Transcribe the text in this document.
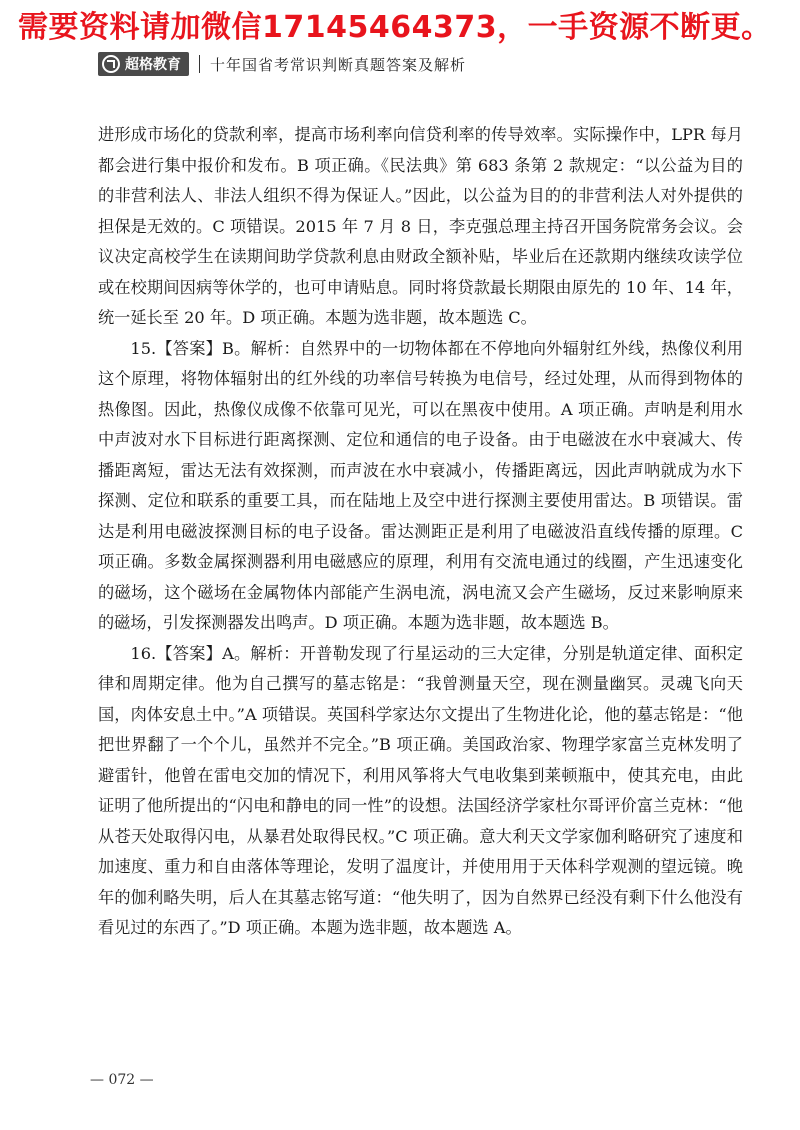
需要资料请加微信17145464373，一手资源不断更。
超格教育 十年国省考常识判断真题答案及解析

进形成市场化的贷款利率，提高市场利率向信贷利率的传导效率。实际操作中，LPR 每月都会进行集中报价和发布。B 项正确。《民法典》第 683 条第 2 款规定：“以公益为目的的非营利法人、非法人组织不得为保证人。”因此，以公益为目的的非营利法人对外提供的担保是无效的。C 项错误。2015 年 7 月 8 日，李克强总理主持召开国务院常务会议。会议决定高校学生在读期间助学贷款利息由财政全额补贴，毕业后在还款期内继续攻读学位或在校期间因病等休学的，也可申请贴息。同时将贷款最长期限由原先的 10 年、14 年，统一延长至 20 年。D 项正确。本题为选非题，故本题选 C。

15.【答案】B。解析：自然界中的一切物体都在不停地向外辐射红外线，热像仪利用这个原理，将物体辐射出的红外线的功率信号转换为电信号，经过处理，从而得到物体的热像图。因此，热像仪成像不依靠可见光，可以在黑夜中使用。A 项正确。声呐是利用水中声波对水下目标进行距离探测、定位和通信的电子设备。由于电磁波在水中衰减大、传播距离短，雷达无法有效探测，而声波在水中衰减小，传播距离远，因此声呐就成为水下探测、定位和联系的重要工具，而在陆地上及空中进行探测主要使用雷达。B 项错误。雷达是利用电磁波探测目标的电子设备。雷达测距正是利用了电磁波沿直线传播的原理。C 项正确。多数金属探测器利用电磁感应的原理，利用有交流电通过的线圈，产生迅速变化的磁场，这个磁场在金属物体内部能产生涡电流，涡电流又会产生磁场，反过来影响原来的磁场，引发探测器发出鸣声。D 项正确。本题为选非题，故本题选 B。

16.【答案】A。解析：开普勒发现了行星运动的三大定律，分别是轨道定律、面积定律和周期定律。他为自己撰写的墓志铭是：“我曾测量天空，现在测量幽冥。灵魂飞向天国，肉体安息土中。”A 项错误。英国科学家达尔文提出了生物进化论，他的墓志铭是：“他把世界翻了一个个儿，虽然并不完全。”B 项正确。美国政治家、物理学家富兰克林发明了避雷针，他曾在雷电交加的情况下，利用风筝将大气电收集到莱顿瓶中，使其充电，由此证明了他所提出的“闪电和静电的同一性”的设想。法国经济学家杜尔哥评价富兰克林：“他从苍天处取得闪电，从暴君处取得民权。”C 项正确。意大利天文学家伽利略研究了速度和加速度、重力和自由落体等理论，发明了温度计，并使用用于天体科学观测的望远镜。晚年的伽利略失明，后人在其墓志铭写道：“他失明了，因为自然界已经没有剩下什么他没有看见过的东西了。”D 项正确。本题为选非题，故本题选 A。

— 072 —
